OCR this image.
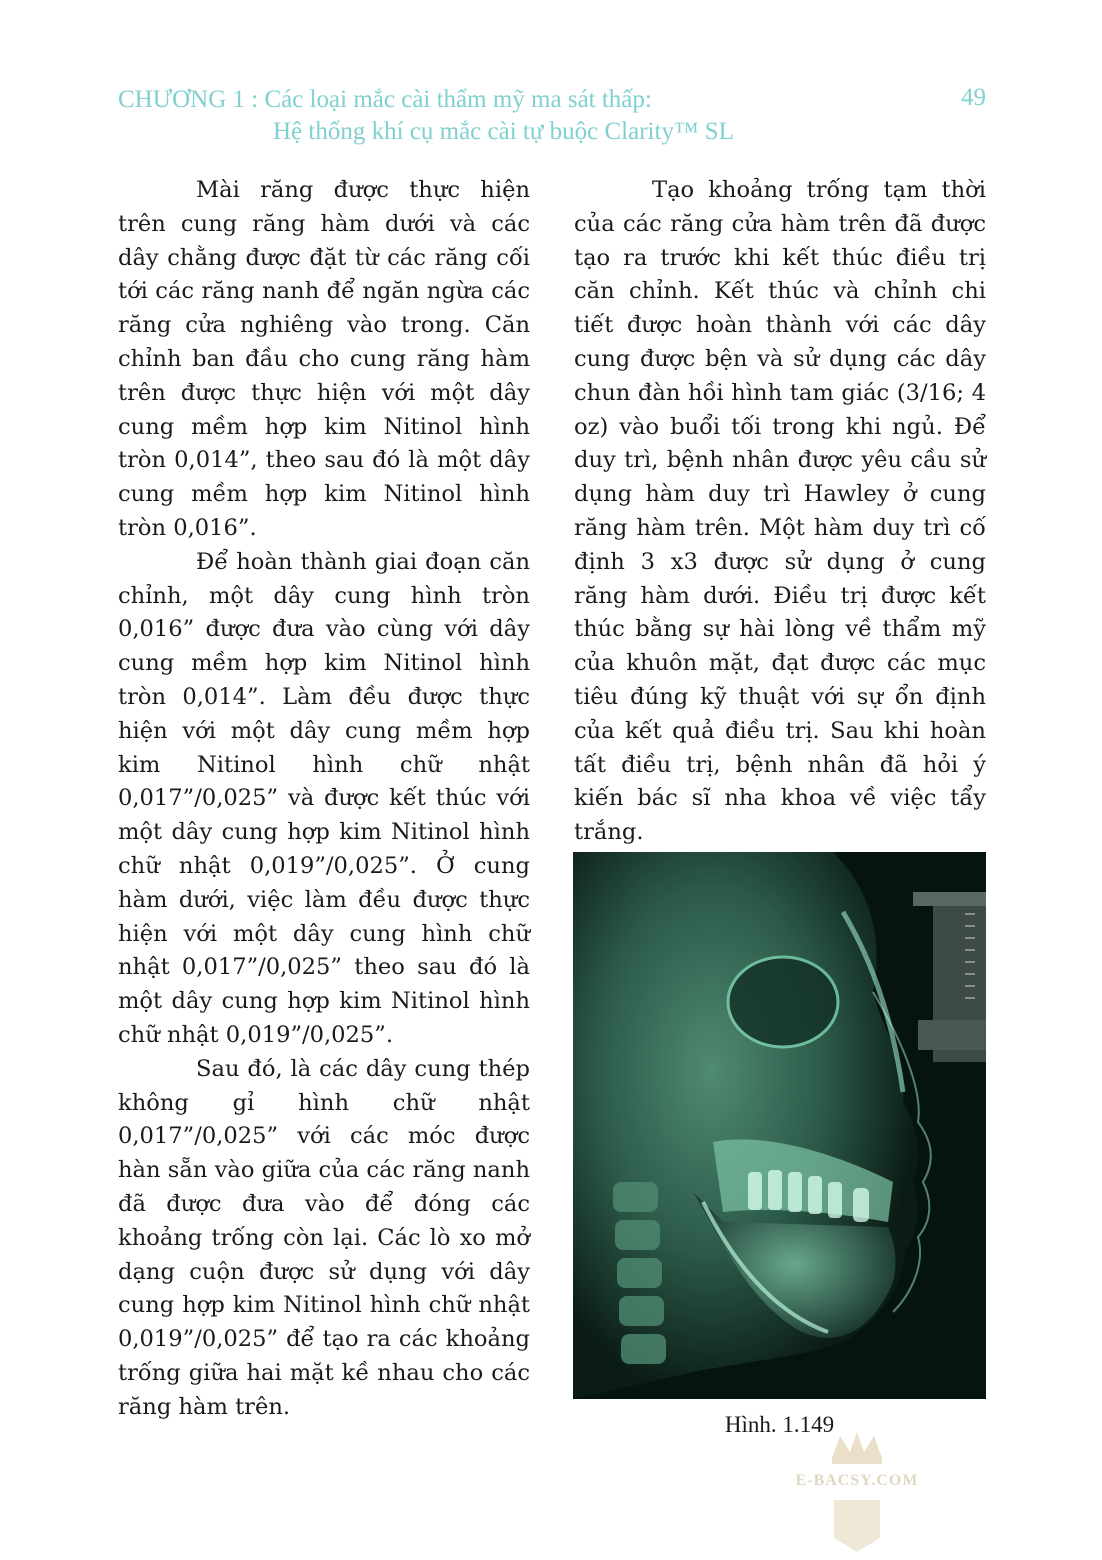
CHƯƠNG 1 : Các loại mắc cài thẩm mỹ ma sát thấp:
Hệ thống khí cụ mắc cài tự buộc Clarity™ SL
49

Mài răng được thực hiện trên cung răng hàm dưới và các dây chằng được đặt từ các răng cối tới các răng nanh để ngăn ngừa các răng cửa nghiêng vào trong. Căn chỉnh ban đầu cho cung răng hàm trên được thực hiện với một dây cung mềm hợp kim Nitinol hình tròn 0,014”, theo sau đó là một dây cung mềm hợp kim Nitinol hình tròn 0,016”.

Để hoàn thành giai đoạn căn chỉnh, một dây cung hình tròn 0,016” được đưa vào cùng với dây cung mềm hợp kim Nitinol hình tròn 0,014”. Làm đều được thực hiện với một dây cung mềm hợp kim Nitinol hình chữ nhật 0,017”/0,025” và được kết thúc với một dây cung hợp kim Nitinol hình chữ nhật 0,019”/0,025”. Ở cung hàm dưới, việc làm đều được thực hiện với một dây cung hình chữ nhật 0,017”/0,025” theo sau đó là một dây cung hợp kim Nitinol hình chữ nhật 0,019”/0,025”.

Sau đó, là các dây cung thép không gỉ hình chữ nhật 0,017”/0,025” với các móc được hàn sẵn vào giữa của các răng nanh đã được đưa vào để đóng các khoảng trống còn lại. Các lò xo mở dạng cuộn được sử dụng với dây cung hợp kim Nitinol hình chữ nhật 0,019”/0,025” để tạo ra các khoảng trống giữa hai mặt kề nhau cho các răng hàm trên.

Tạo khoảng trống tạm thời của các răng cửa hàm trên đã được tạo ra trước khi kết thúc điều trị căn chỉnh. Kết thúc và chỉnh chi tiết được hoàn thành với các dây cung được bện và sử dụng các dây chun đàn hồi hình tam giác (3/16; 4 oz) vào buổi tối trong khi ngủ. Để duy trì, bệnh nhân được yêu cầu sử dụng hàm duy trì Hawley ở cung răng hàm trên. Một hàm duy trì cố định 3 x3 được sử dụng ở cung răng hàm dưới. Điều trị được kết thúc bằng sự hài lòng về thẩm mỹ của khuôn mặt, đạt được các mục tiêu đúng kỹ thuật với sự ổn định của kết quả điều trị. Sau khi hoàn tất điều trị, bệnh nhân đã hỏi ý kiến bác sĩ nha khoa về việc tẩy trắng.

Hình. 1.149
E-BACSY.COM
